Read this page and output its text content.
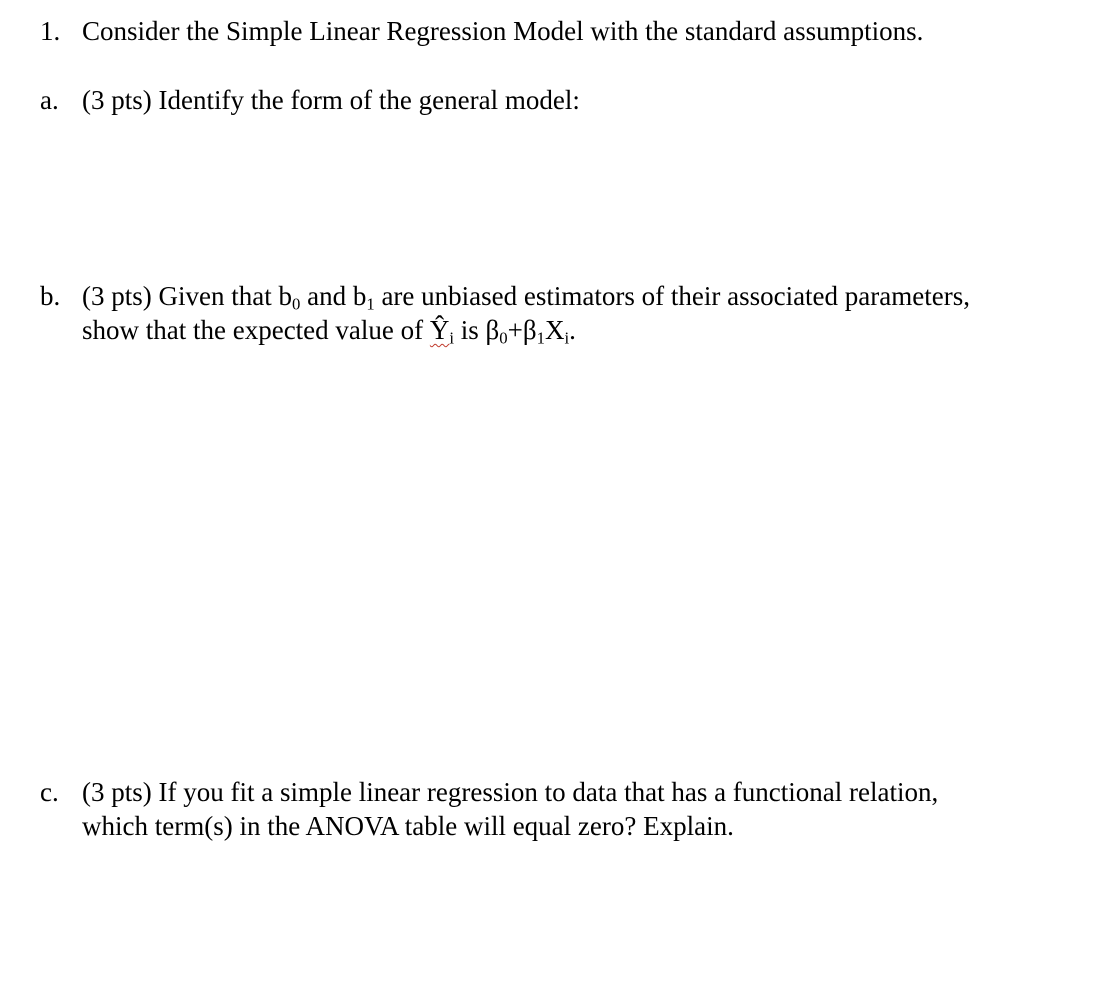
1. Consider the Simple Linear Regression Model with the standard assumptions.
a. (3 pts) Identify the form of the general model:
b. (3 pts) Given that $b_0$ and $b_1$ are unbiased estimators of their associated parameters,
show that the expected value of $Ŷ_i$ is $\beta_0+\beta_1X_i$.
c. (3 pts) If you fit a simple linear regression to data that has a functional relation,
which term(s) in the ANOVA table will equal zero? Explain.
